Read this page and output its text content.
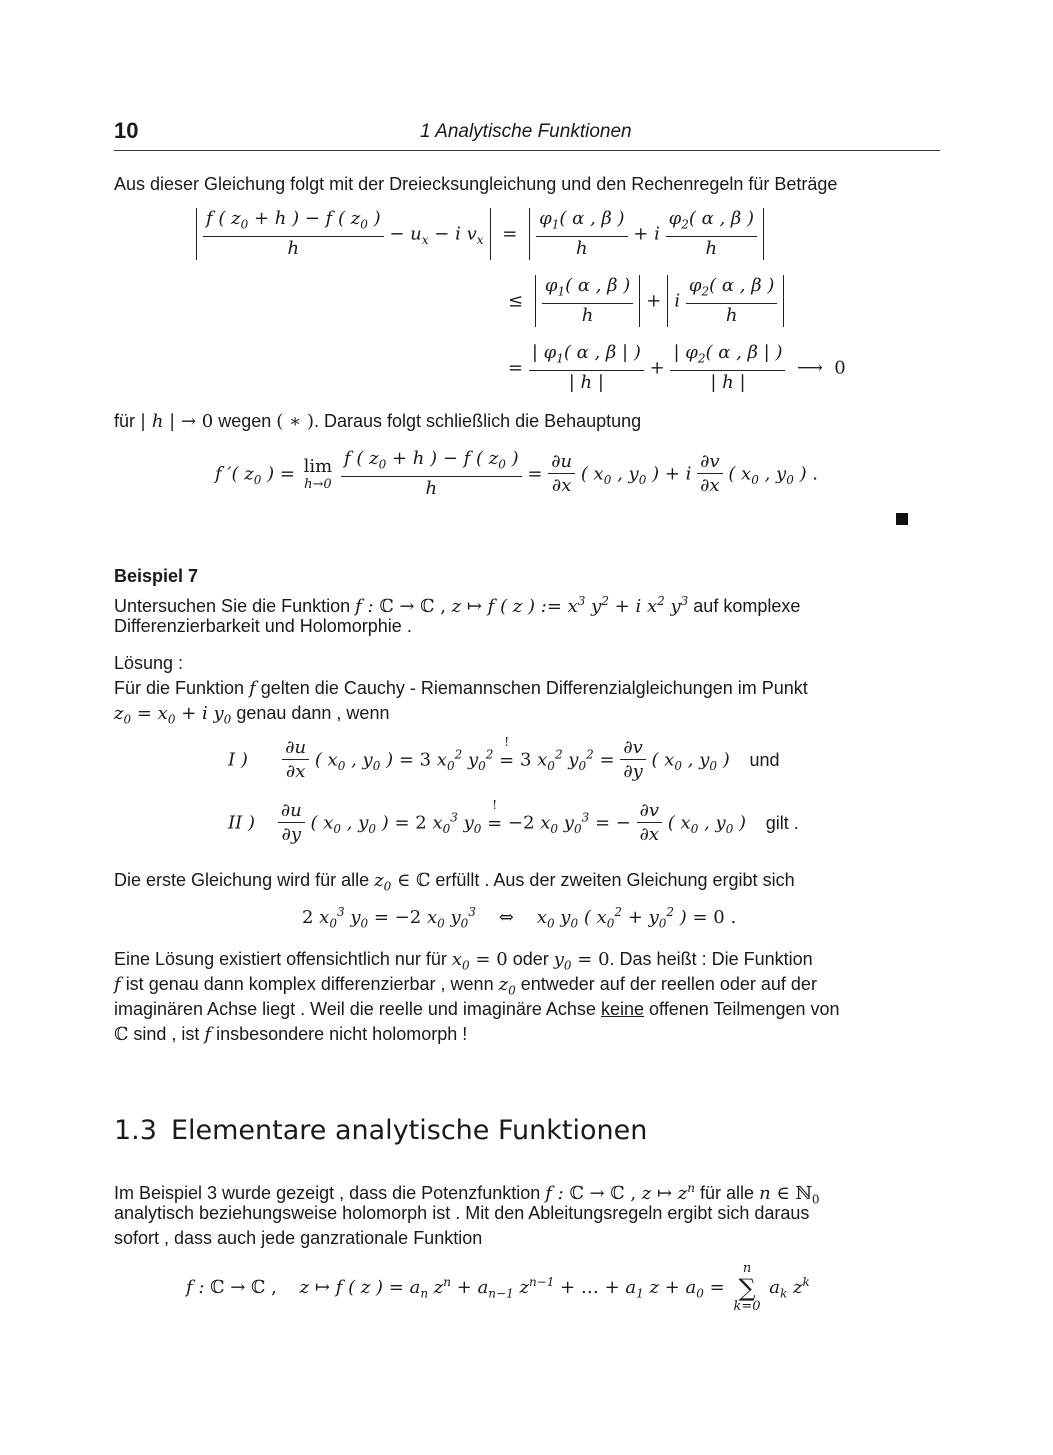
10	1 Analytische Funktionen
Aus dieser Gleichung folgt mit der Dreiecksungleichung und den Rechenregeln für Beträge
$\frac{f ( z_0 + h ) - f ( z_0 )}{h} - u_x - i$ $v_x = \frac{\varphi_1( \alpha , \beta )}{h} + i \frac{\varphi_2( \alpha , \beta )}{h}$
≤ $\frac{\varphi_1( \alpha , \beta )}{h} + i \frac{\varphi_2( \alpha , \beta )}{h}$
= $\frac{| \varphi_1( \alpha , \beta | )}{| h |} + \frac{| \varphi_2( \alpha , \beta | )}{| h |}$ ⟶  0
für | h | → 0 wegen ( ∗ ). Daraus folgt schließlich die Behauptung
f ′( $z_0$ ) = lim
h→0
$\frac{f ( z_0 + h ) - f ( z_0 )}{h} = \frac{\partial u}{\partial x}$ ( $x_0$ , $y_0$ ) + i $\frac{\partial v}{\partial x}$ ( $x_0$ , $y_0$ ) .
Beispiel 7
Untersuchen Sie die Funktion f : ℂ → ℂ , z ↦ f ( z ) := $x^3$ $y^2 + i$ $x^2$ $y^3$ auf komplexe
Differenzierbarkeit und Holomorphie .
Lösung :
Für die Funktion f gelten die Cauchy - Riemannschen Differenzialgleichungen im Punkt
$z_0 = x_0 + i$ $y_0$ genau dann , wenn
I ) $\frac{\partial u}{\partial x}$ ( $x_0$ , $y_0$ ) = 3 $x_0^2$ $y_0^2$
!
= 3 $x_0^2$ $y_0^2 = \frac{\partial v}{\partial y}$ ( $x_0$ , $y_0$ ) und
II ) $\frac{\partial u}{\partial y}$ ( $x_0$ , $y_0$ ) = 2 $x_0^3$ $y_0$
!
= −2 $x_0$ $y_0^3$ = − $\frac{\partial v}{\partial x}$ ( $x_0$ , $y_0$ ) gilt .
Die erste Gleichung wird für alle $z_0$ ∈ ℂ erfüllt . Aus der zweiten Gleichung ergibt sich
2 $x_0^3$ $y_0 = -2$ $x_0$ $y_0^3$ ⇔    $x_0$ $y_0$ ( $x_0^2 + y_0^2$ ) = 0 .
Eine Lösung existiert offensichtlich nur für $x_0 = 0$ oder $y_0 = 0$. Das heißt : Die Funktion
f ist genau dann komplex differenzierbar , wenn $z_0$ entweder auf der reellen oder auf der
imaginären Achse liegt . Weil die reelle und imaginäre Achse keine offenen Teilmengen von
ℂ sind , ist f insbesondere nicht holomorph !
1.3 Elementare analytische Funktionen
Im Beispiel 3 wurde gezeigt , dass die Potenzfunktion f : ℂ → ℂ , z ↦ $z^n$ für alle n ∈ ℕ$_0$
analytisch beziehungsweise holomorph ist . Mit den Ableitungsregeln ergibt sich daraus
sofort , dass auch jede ganzrationale Funktion
f : ℂ → ℂ ,    z ↦ f ( z ) = $a_n$ $z^n + a_{n-1}$ $z^{n-1}$ + … + $a_1$ $z + a_0$ =
n
∑
k=0
$a_k$ $z^k$
